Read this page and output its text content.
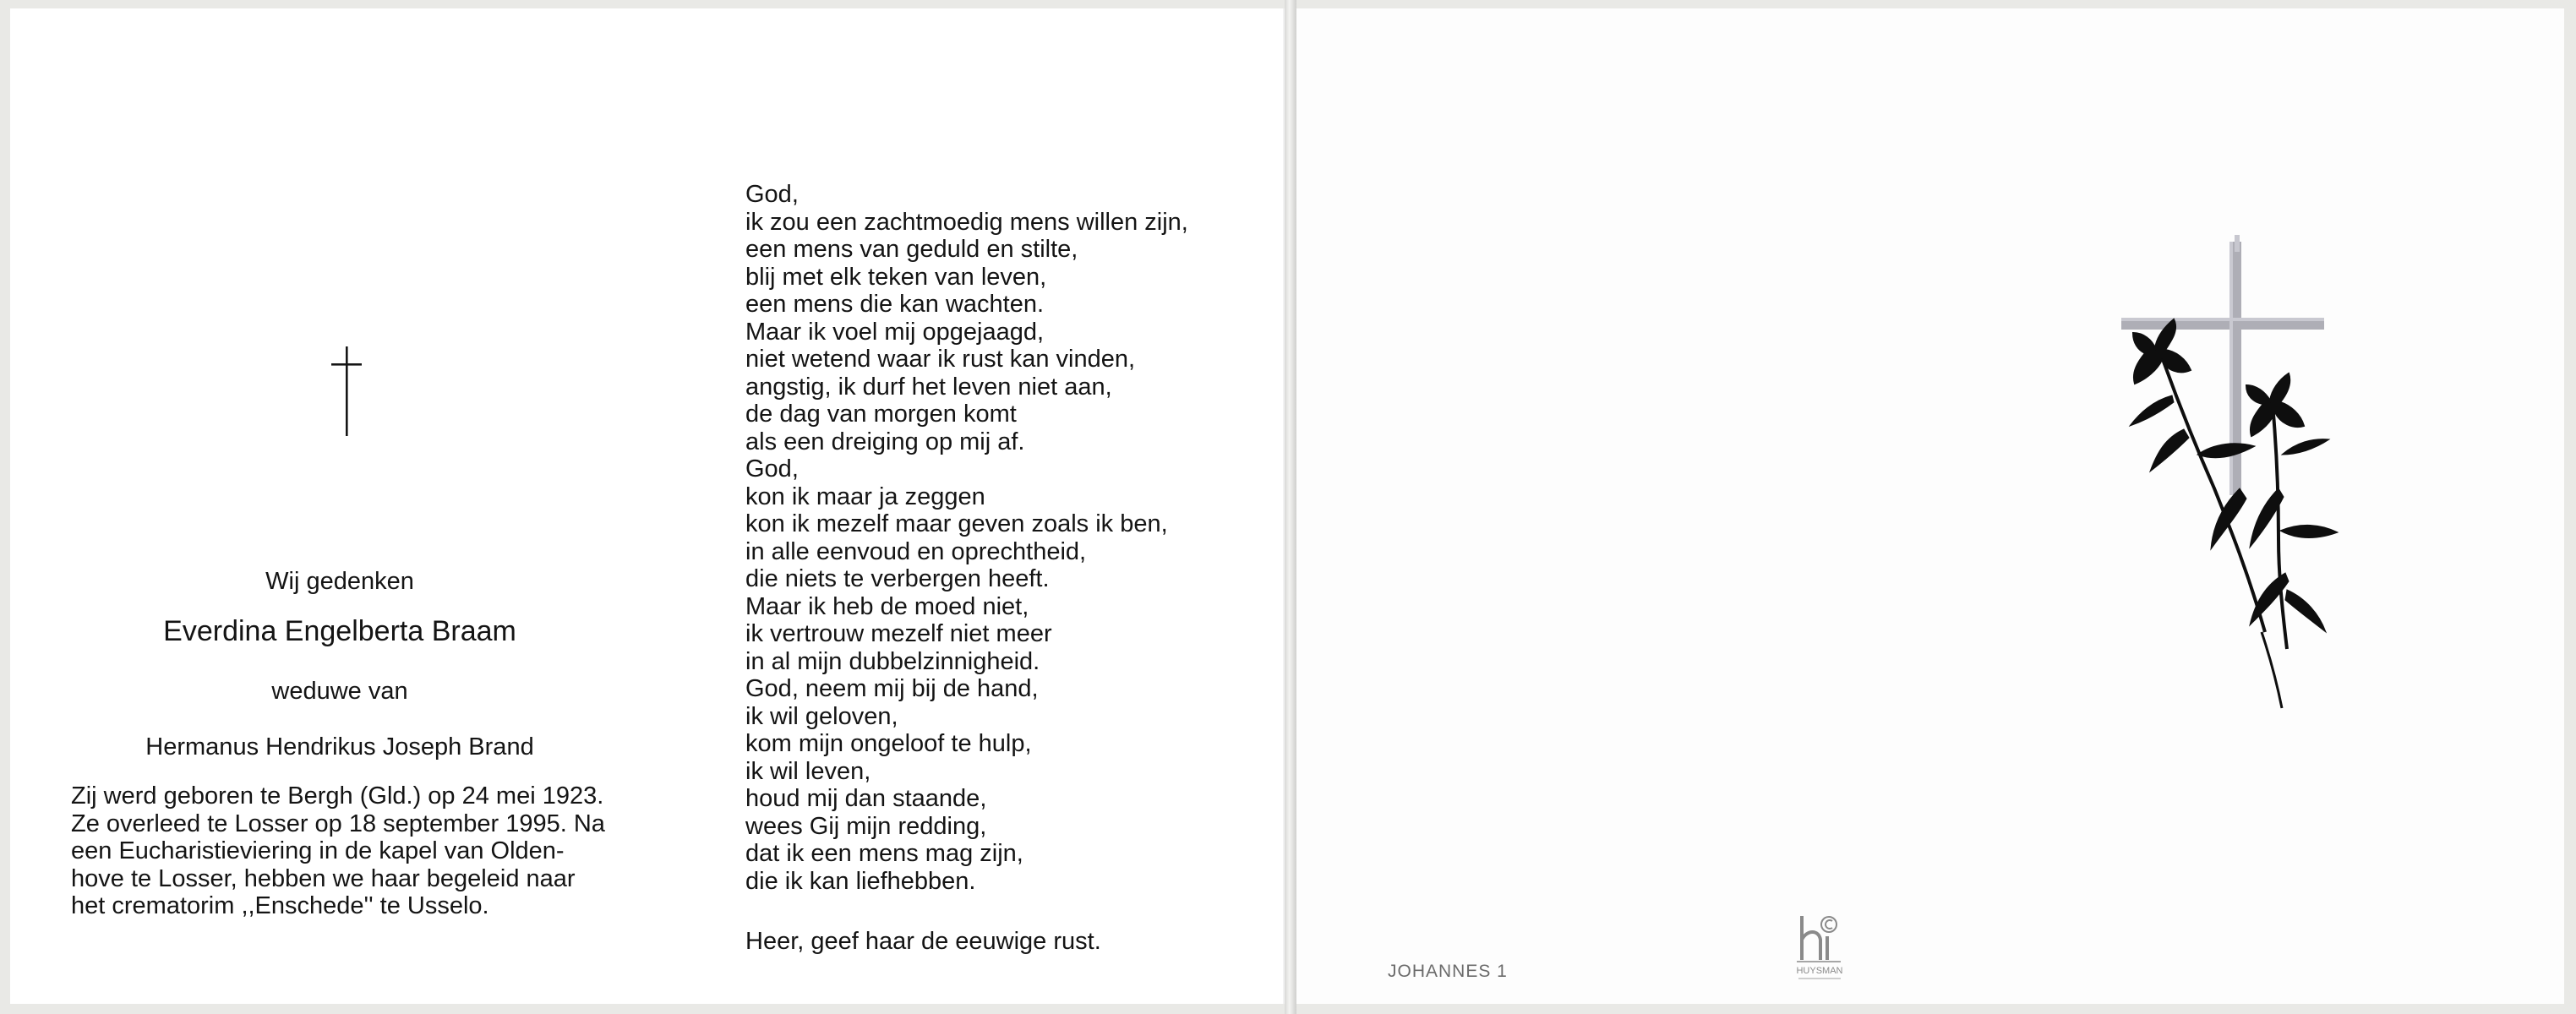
Wij gedenken
Everdina Engelberta Braam
weduwe van
Hermanus Hendrikus Joseph Brand
Zij werd geboren te Bergh (Gld.) op 24 mei 1923.
Ze overleed te Losser op 18 september 1995. Na
een Eucharistieviering in de kapel van Olden-
hove te Losser, hebben we haar begeleid naar
het crematorim ,,Enschede'' te Usselo.
God,
ik zou een zachtmoedig mens willen zijn,
een mens van geduld en stilte,
blij met elk teken van leven,
een mens die kan wachten.
Maar ik voel mij opgejaagd,
niet wetend waar ik rust kan vinden,
angstig, ik durf het leven niet aan,
de dag van morgen komt
als een dreiging op mij af.
God,
kon ik maar ja zeggen
kon ik mezelf maar geven zoals ik ben,
in alle eenvoud en oprechtheid,
die niets te verbergen heeft.
Maar ik heb de moed niet,
ik vertrouw mezelf niet meer
in al mijn dubbelzinnigheid.
God, neem mij bij de hand,
ik wil geloven,
kom mijn ongeloof te hulp,
ik wil leven,
houd mij dan staande,
wees Gij mijn redding,
dat ik een mens mag zijn,
die ik kan liefhebben.
Heer, geef haar de eeuwige rust.
JOHANNES 1	HUYSMAN
